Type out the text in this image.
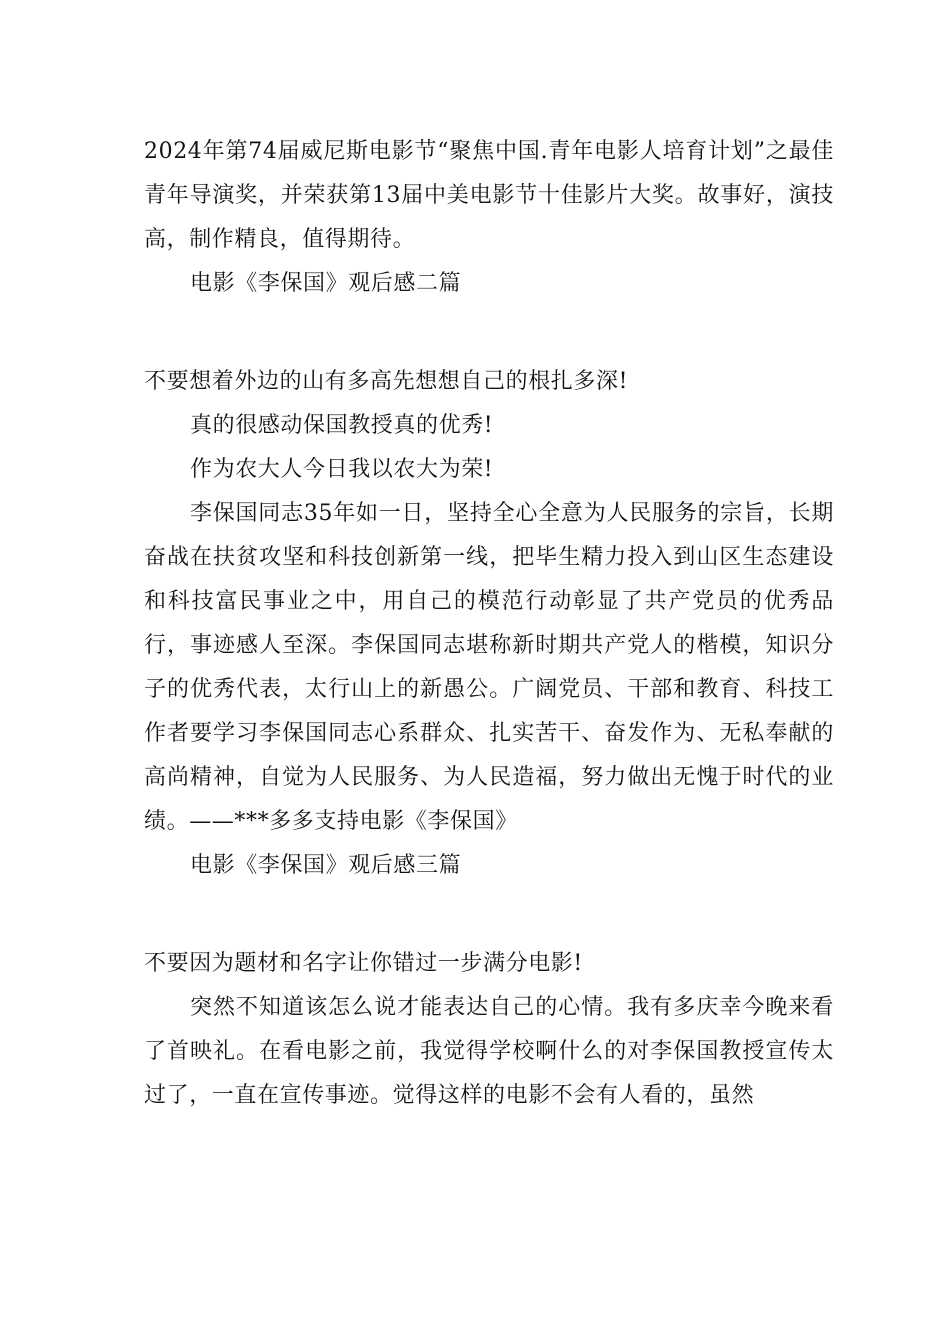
2024年第74届威尼斯电影节“聚焦中国.青年电影人培育计划”之最佳青年导演奖，并荣获第13届中美电影节十佳影片大奖。故事好，演技高，制作精良，值得期待。

电影《李保国》观后感二篇

不要想着外边的山有多高先想想自己的根扎多深!

真的很感动保国教授真的优秀!

作为农大人今日我以农大为荣!

李保国同志35年如一日，坚持全心全意为人民服务的宗旨，长期奋战在扶贫攻坚和科技创新第一线，把毕生精力投入到山区生态建设和科技富民事业之中，用自己的模范行动彰显了共产党员的优秀品行，事迹感人至深。李保国同志堪称新时期共产党人的楷模，知识分子的优秀代表，太行山上的新愚公。广阔党员、干部和教育、科技工作者要学习李保国同志心系群众、扎实苦干、奋发作为、无私奉献的高尚精神，自觉为人民服务、为人民造福，努力做出无愧于时代的业绩。——***多多支持电影《李保国》

电影《李保国》观后感三篇

不要因为题材和名字让你错过一步满分电影!

突然不知道该怎么说才能表达自己的心情。我有多庆幸今晚来看了首映礼。在看电影之前，我觉得学校啊什么的对李保国教授宣传太过了，一直在宣传事迹。觉得这样的电影不会有人看的，虽然
